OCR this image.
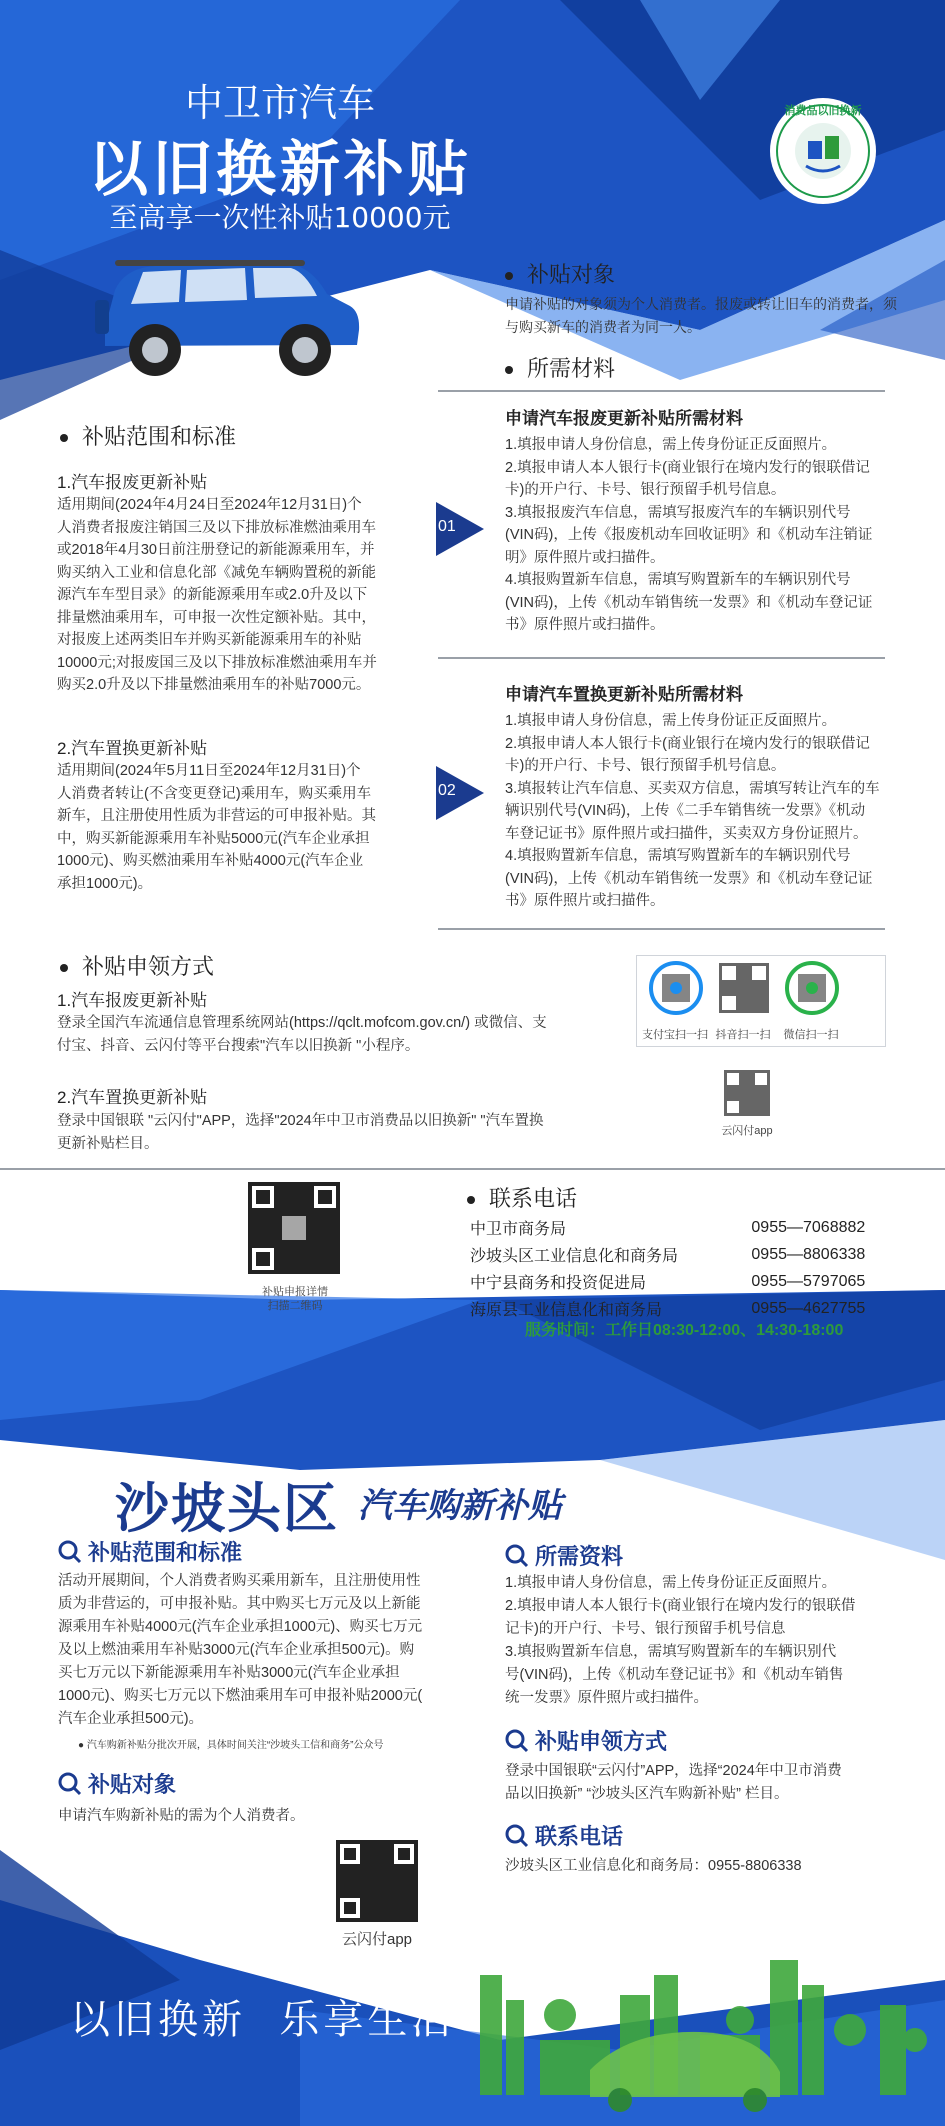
中卫市汽车
以旧换新补贴
至高享一次性补贴10000元
消费品以旧换新
补贴对象
申请补贴的对象须为个人消费者。报废或转让旧车的消费者，须
与购买新车的消费者为同一人。
所需材料
01
申请汽车报废更新补贴所需材料
1.填报申请人身份信息，需上传身份证正反面照片。
2.填报申请人本人银行卡(商业银行在境内发行的银联借记
卡)的开户行、卡号、银行预留手机号信息。
3.填报报废汽车信息，需填写报废汽车的车辆识别代号
(VIN码)，上传《报废机动车回收证明》和《机动车注销证
明》原件照片或扫描件。
4.填报购置新车信息，需填写购置新车的车辆识别代号
(VIN码)，上传《机动车销售统一发票》和《机动车登记证
书》原件照片或扫描件。
02
申请汽车置换更新补贴所需材料
1.填报申请人身份信息，需上传身份证正反面照片。
2.填报申请人本人银行卡(商业银行在境内发行的银联借记
卡)的开户行、卡号、银行预留手机号信息。
3.填报转让汽车信息、买卖双方信息，需填写转让汽车的车
辆识别代号(VIN码)，上传《二手车销售统一发票》《机动
车登记证书》原件照片或扫描件，买卖双方身份证照片。
4.填报购置新车信息，需填写购置新车的车辆识别代号
(VIN码)，上传《机动车销售统一发票》和《机动车登记证
书》原件照片或扫描件。
补贴范围和标准
1.汽车报废更新补贴
适用期间(2024年4月24日至2024年12月31日)个
人消费者报废注销国三及以下排放标准燃油乘用车
或2018年4月30日前注册登记的新能源乘用车，并
购买纳入工业和信息化部《减免车辆购置税的新能
源汽车车型目录》的新能源乘用车或2.0升及以下
排量燃油乘用车，可申报一次性定额补贴。其中，
对报废上述两类旧车并购买新能源乘用车的补贴
10000元;对报废国三及以下排放标准燃油乘用车并
购买2.0升及以下排量燃油乘用车的补贴7000元。
2.汽车置换更新补贴
适用期间(2024年5月11日至2024年12月31日)个
人消费者转让(不含变更登记)乘用车，购买乘用车
新车，且注册使用性质为非营运的可申报补贴。其
中，购买新能源乘用车补贴5000元(汽车企业承担
1000元)、购买燃油乘用车补贴4000元(汽车企业
承担1000元)。
补贴申领方式
1.汽车报废更新补贴
登录全国汽车流通信息管理系统网站(https://qclt.mofcom.gov.cn/) 或微信、支
付宝、抖音、云闪付等平台搜索"汽车以旧换新 "小程序。
2.汽车置换更新补贴
登录中国银联 "云闪付"APP，选择"2024年中卫市消费品以旧换新" "汽车置换
更新补贴栏目。
支付宝扫一扫 抖音扫一扫	微信扫一扫
云闪付app
补贴申报详情
扫描二维码
联系电话
中卫市商务局	0955—7068882
沙坡头区工业信息化和商务局	0955—8806338
中宁县商务和投资促进局	0955—5797065
海原县工业信息化和商务局	0955—4627755
服务时间：工作日08:30-12:00、14:30-18:00
沙坡头区 汽车购新补贴
补贴范围和标准
活动开展期间，个人消费者购买乘用新车，且注册使用性
质为非营运的，可申报补贴。其中购买七万元及以上新能
源乘用车补贴4000元(汽车企业承担1000元)、购买七万元
及以上燃油乘用车补贴3000元(汽车企业承担500元)。购
买七万元以下新能源乘用车补贴3000元(汽车企业承担
1000元)、购买七万元以下燃油乘用车可申报补贴2000元(
汽车企业承担500元)。
● 汽车购新补贴分批次开展，具体时间关注“沙坡头工信和商务”公众号
补贴对象
申请汽车购新补贴的需为个人消费者。
所需资料
1.填报申请人身份信息，需上传身份证正反面照片。
2.填报申请人本人银行卡(商业银行在境内发行的银联借
记卡)的开户行、卡号、银行预留手机号信息
3.填报购置新车信息，需填写购置新车的车辆识别代
号(VIN码)，上传《机动车登记证书》和《机动车销售
统一发票》原件照片或扫描件。
补贴申领方式
登录中国银联“云闪付”APP，选择“2024年中卫市消费
品以旧换新” “沙坡头区汽车购新补贴” 栏目。
联系电话
沙坡头区工业信息化和商务局：0955-8806338
云闪付app
以旧换新  乐享生活
